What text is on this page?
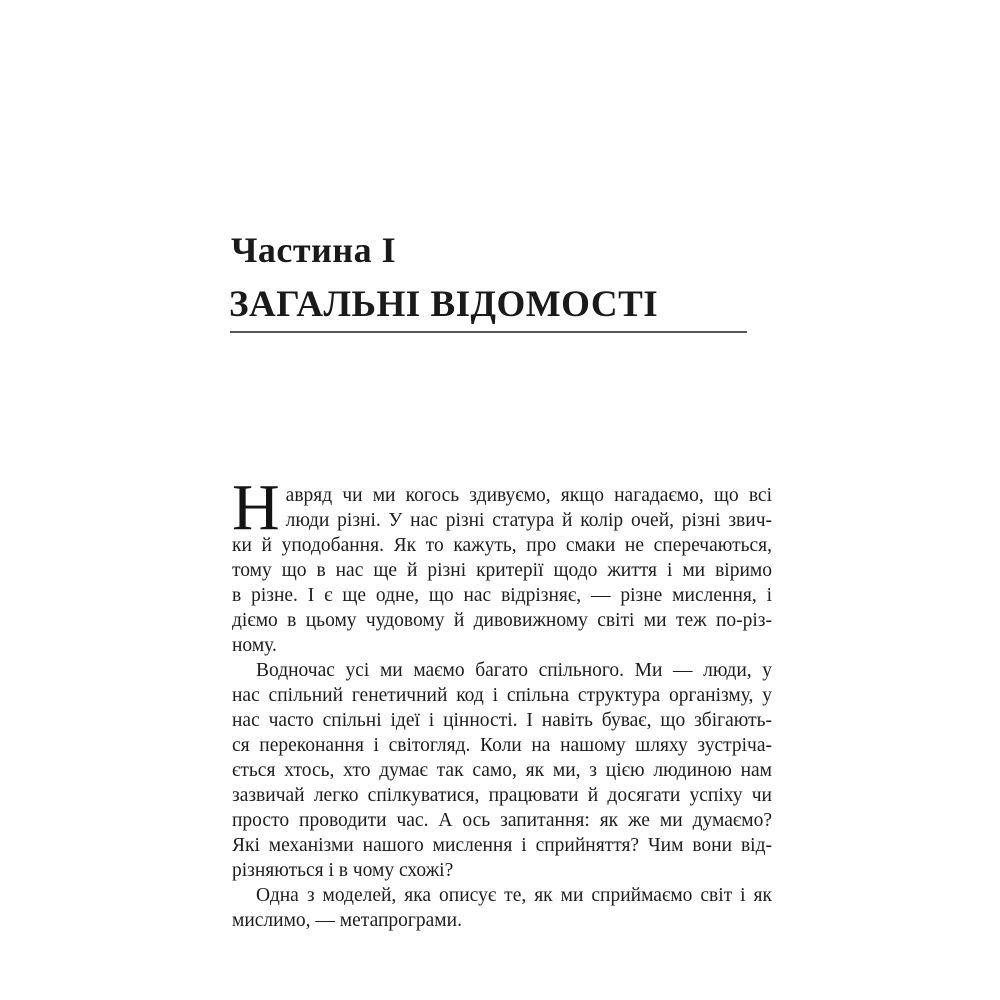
Частина І
ЗАГАЛЬНІ ВІДОМОСТІ

Н авряд чи ми когось здивуємо, якщо нагадаємо, що всі
люди різні. У нас різні статура й колір очей, різні звич-
ки й уподобання. Як то кажуть, про смаки не сперечаються,
тому що в нас ще й різні критерії щодо життя і ми віримо
в різне. І є ще одне, що нас відрізняє, — різне мислення, і
діємо в цьому чудовому й дивовижному світі ми теж по-різ-
ному.

Водночас усі ми маємо багато спільного. Ми — люди, у
нас спільний генетичний код і спільна структура організму, у
нас часто спільні ідеї і цінності. І навіть буває, що збігають-
ся переконання і світогляд. Коли на нашому шляху зустріча-
ється хтось, хто думає так само, як ми, з цією людиною нам
зазвичай легко спілкуватися, працювати й досягати успіху чи
просто проводити час. А ось запитання: як же ми думаємо?
Які механізми нашого мислення і сприйняття? Чим вони від-
різняються і в чому схожі?

Одна з моделей, яка описує те, як ми сприймаємо світ і як
мислимо, — метапрограми.
